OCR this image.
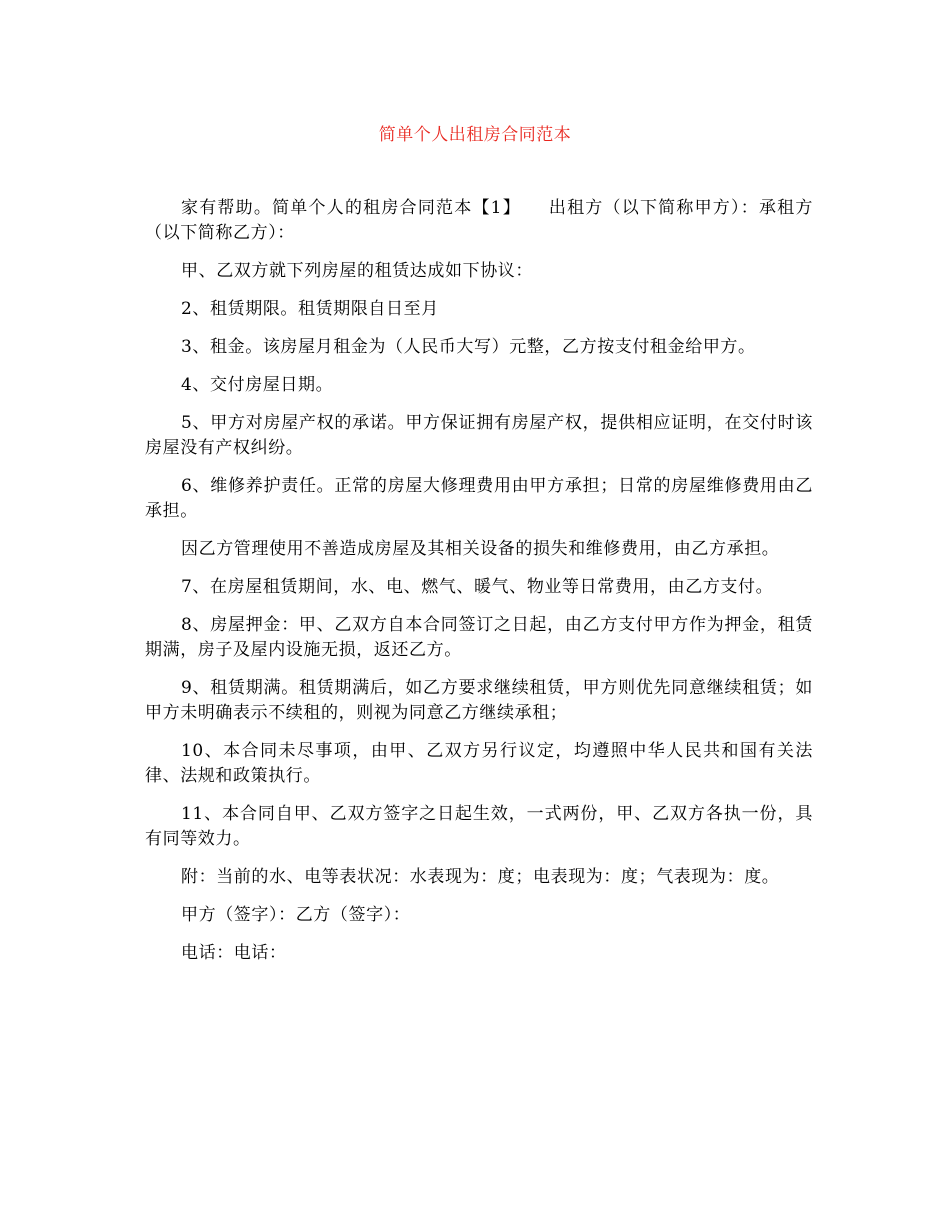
简单个人出租房合同范本

家有帮助。简单个人的租房合同范本【1】　　出租方（以下简称甲方）：承租方（以下简称乙方）：

甲、乙双方就下列房屋的租赁达成如下协议：

2、租赁期限。租赁期限自日至月

3、租金。该房屋月租金为（人民币大写）元整，乙方按支付租金给甲方。

4、交付房屋日期。

5、甲方对房屋产权的承诺。甲方保证拥有房屋产权，提供相应证明，在交付时该房屋没有产权纠纷。

6、维修养护责任。正常的房屋大修理费用由甲方承担；日常的房屋维修费用由乙承担。

因乙方管理使用不善造成房屋及其相关设备的损失和维修费用，由乙方承担。

7、在房屋租赁期间，水、电、燃气、暖气、物业等日常费用，由乙方支付。

8、房屋押金：甲、乙双方自本合同签订之日起，由乙方支付甲方作为押金，租赁期满，房子及屋内设施无损，返还乙方。

9、租赁期满。租赁期满后，如乙方要求继续租赁，甲方则优先同意继续租赁；如甲方未明确表示不续租的，则视为同意乙方继续承租；

10、本合同未尽事项，由甲、乙双方另行议定，均遵照中华人民共和国有关法律、法规和政策执行。

11、本合同自甲、乙双方签字之日起生效，一式两份，甲、乙双方各执一份，具有同等效力。

附：当前的水、电等表状况：水表现为：度；电表现为：度；气表现为：度。

甲方（签字）：乙方（签字）：

电话：电话：
